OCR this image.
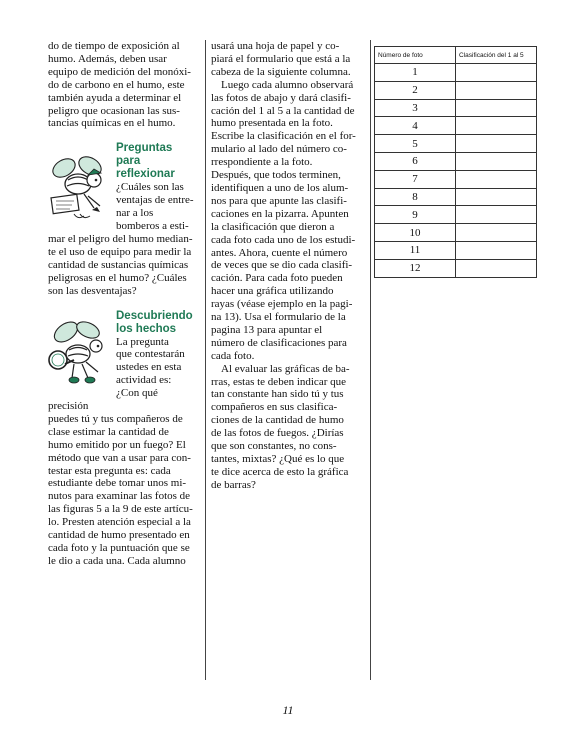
do de tiempo de exposición al
humo. Además, deben usar
equipo de medición del monóxi-
do de carbono en el humo, este
también ayuda a determinar el
peligro que ocasionan las sus-
tancias químicas en el humo.
Preguntas para
reflexionar
¿Cuáles son las
ventajas de entre-
nar a los
bomberos a esti-
mar el peligro del humo median-
te el uso de equipo para medir la
cantidad de sustancias químicas
peligrosas en el humo? ¿Cuáles
son las desventajas?
Descubriendo
los hechos
La pregunta
que contestarán
ustedes en esta
actividad es: ¿Con qué precisión
puedes tú y tus compañeros de
clase estimar la cantidad de
humo emitido por un fuego? El
método que van a usar para con-
testar esta pregunta es: cada
estudiante debe tomar unos mi-
nutos para examinar las fotos de
las figuras 5 a la 9 de este artícu-
lo. Presten atención especial a la
cantidad de humo presentado en
cada foto y la puntuación que se
le dio a cada una. Cada alumno
usará una hoja de papel y co-
piará el formulario que está a la
cabeza de la siguiente columna.
Luego cada alumno observará
las fotos de abajo y dará clasifi-
cación del 1 al 5 a la cantidad de
humo presentada en la foto.
Escribe la clasificación en el for-
mulario al lado del número co-
rrespondiente a la foto.
Después, que todos terminen,
identifiquen a uno de los alum-
nos para que apunte las clasifi-
caciones en la pizarra. Apunten
la clasificación que dieron a
cada foto cada uno de los estudi-
antes. Ahora, cuente el número
de veces que se dio cada clasifi-
cación. Para cada foto pueden
hacer una gráfica utilizando
rayas (véase ejemplo en la pagi-
na 13). Usa el formulario de la
pagina 13 para apuntar el
número de clasificaciones para
cada foto.
Al evaluar las gráficas de ba-
rras, estas te deben indicar que
tan constante han sido tú y tus
compañeros en sus clasifica-
ciones de la cantidad de humo
de las fotos de fuegos. ¿Dirías
que son constantes, no cons-
tantes, mixtas? ¿Qué es lo que
te dice acerca de esto la gráfica
de barras?
Número de foto	Clasificación del 1 al 5
1	
2	
3	
4	
5	
6	
7	
8	
9	
10	
11	
12	
11
